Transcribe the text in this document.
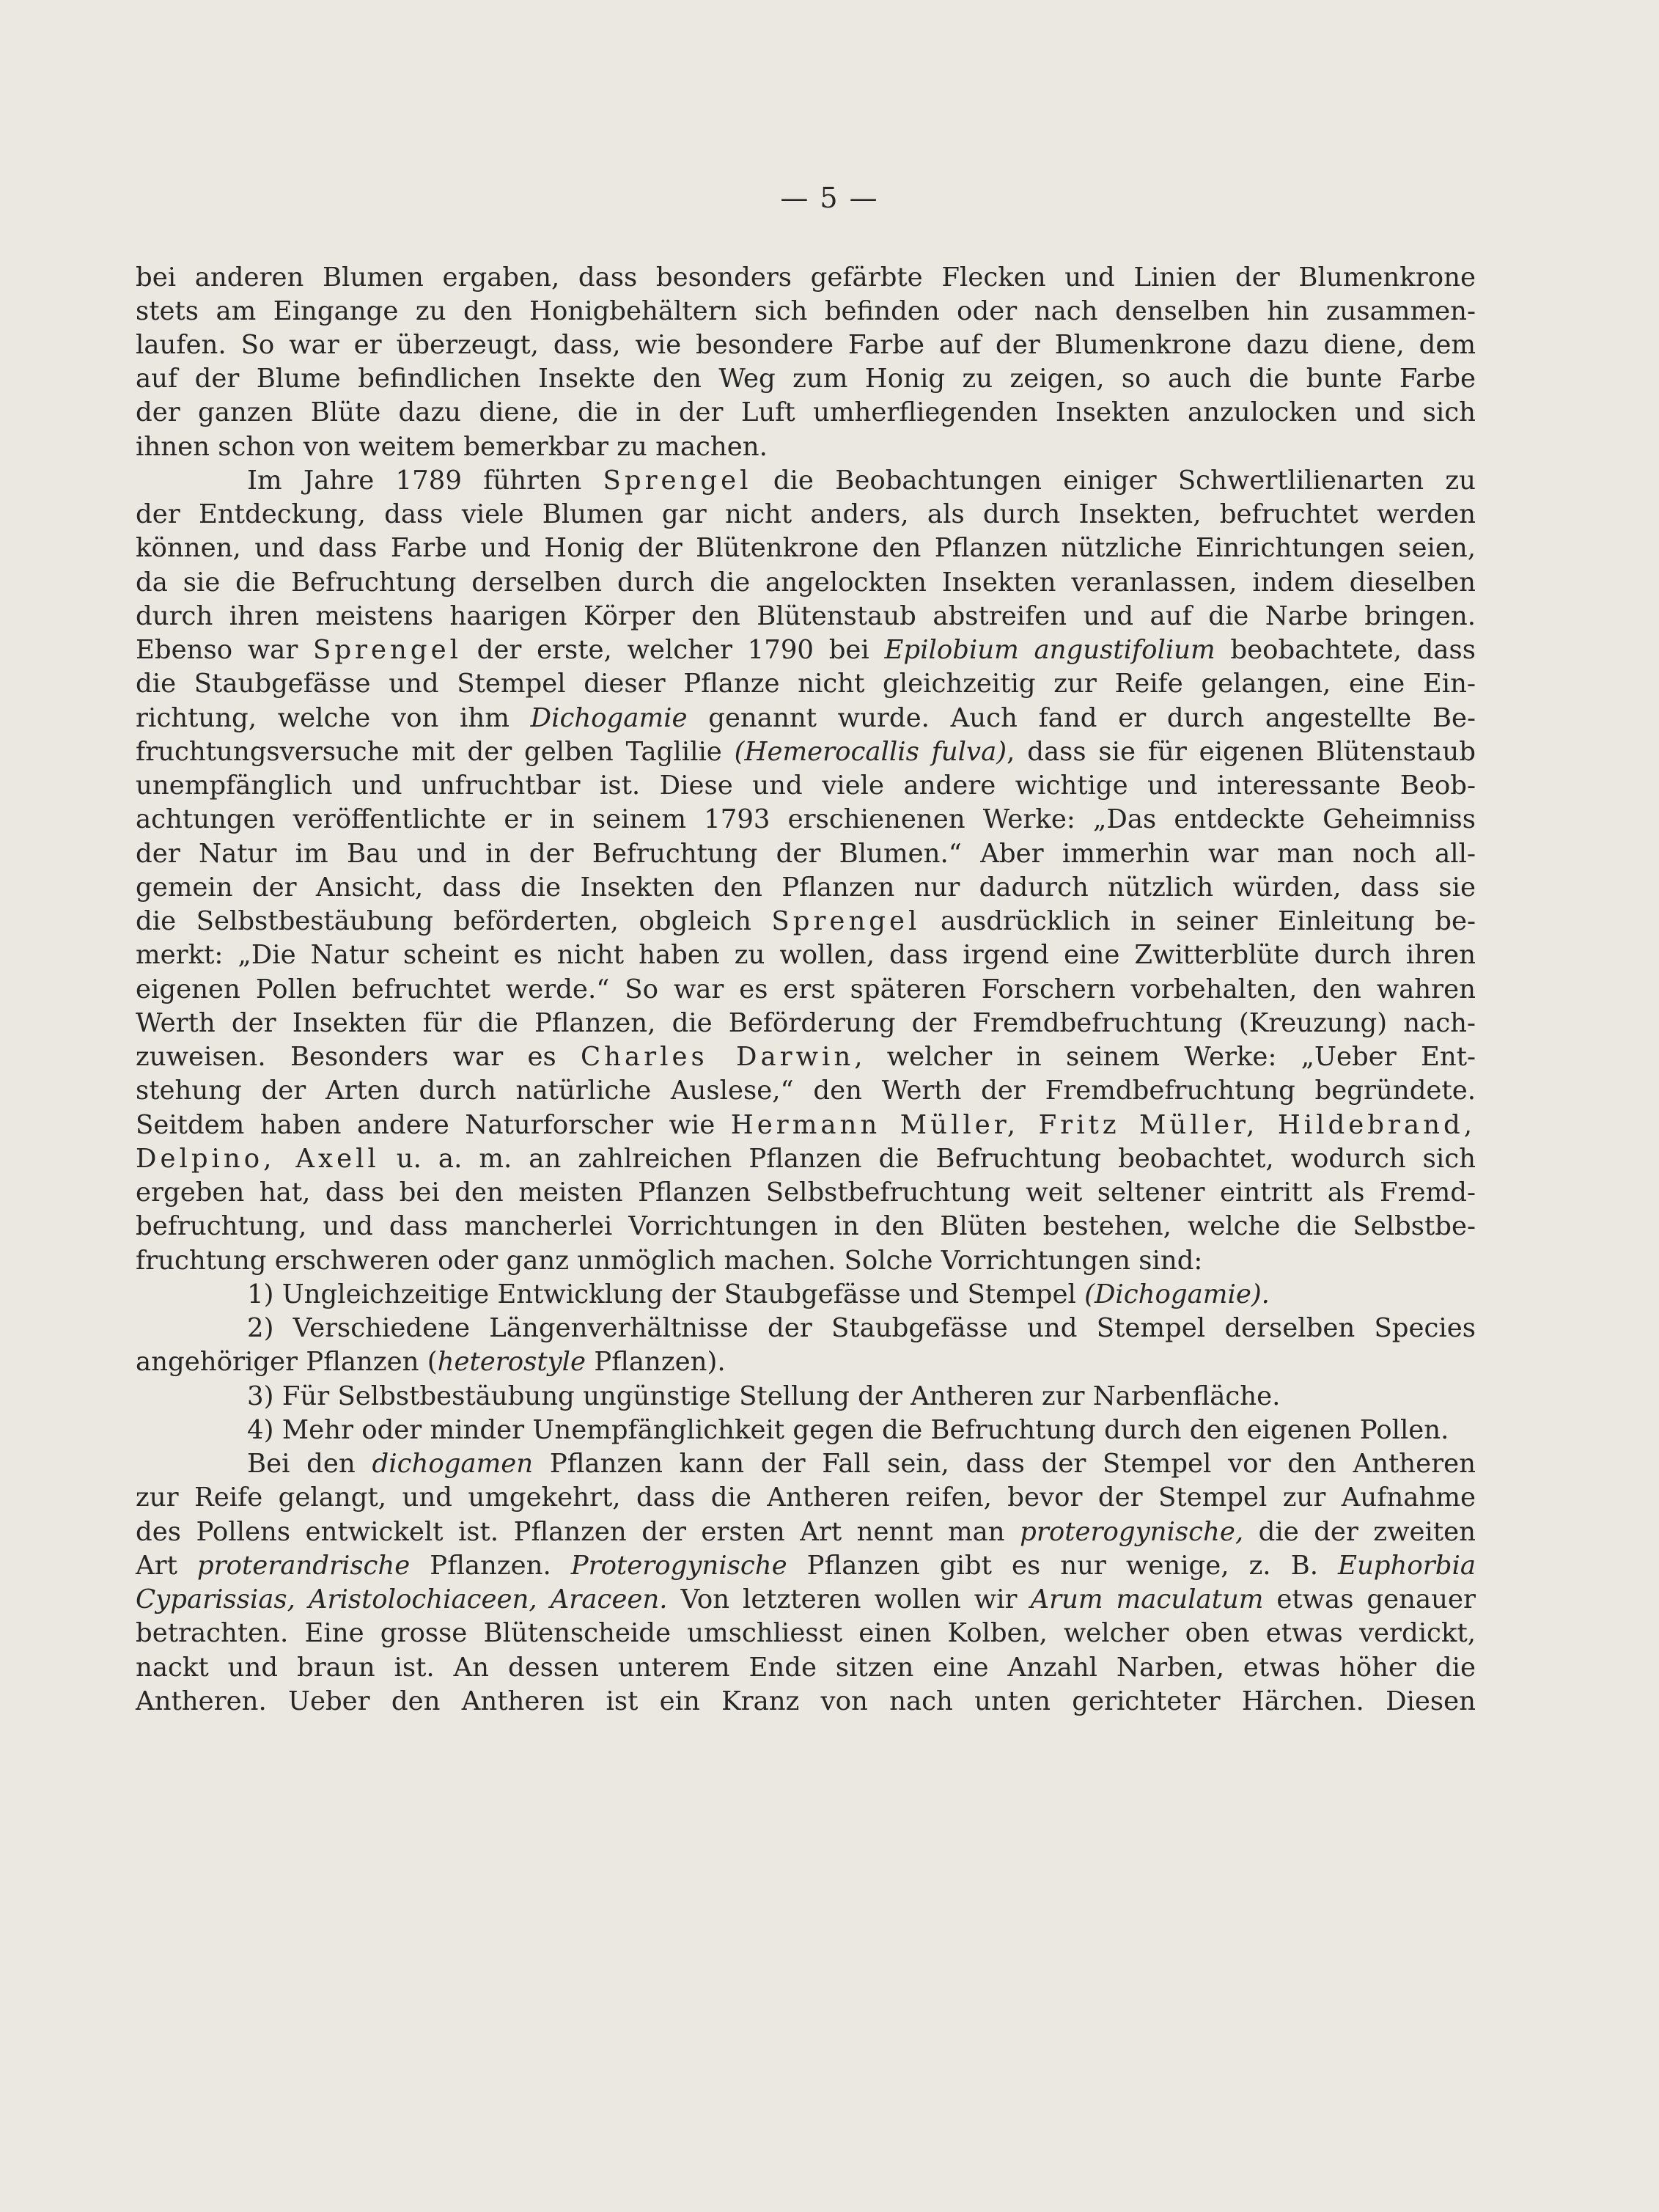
— 5 —
bei anderen Blumen ergaben, dass besonders gefärbte Flecken und Linien der Blumenkrone
stets am Eingange zu den Honigbehältern sich befinden oder nach denselben hin zusammen-
laufen. So war er überzeugt, dass, wie besondere Farbe auf der Blumenkrone dazu diene, dem
auf der Blume befindlichen Insekte den Weg zum Honig zu zeigen, so auch die bunte Farbe
der ganzen Blüte dazu diene, die in der Luft umherfliegenden Insekten anzulocken und sich
ihnen schon von weitem bemerkbar zu machen.
Im Jahre 1789 führten Sprengel die Beobachtungen einiger Schwertlilienarten zu
der Entdeckung, dass viele Blumen gar nicht anders, als durch Insekten, befruchtet werden
können, und dass Farbe und Honig der Blütenkrone den Pflanzen nützliche Einrichtungen seien,
da sie die Befruchtung derselben durch die angelockten Insekten veranlassen, indem dieselben
durch ihren meistens haarigen Körper den Blütenstaub abstreifen und auf die Narbe bringen.
Ebenso war Sprengel der erste, welcher 1790 bei Epilobium angustifolium beobachtete, dass
die Staubgefässe und Stempel dieser Pflanze nicht gleichzeitig zur Reife gelangen, eine Ein-
richtung, welche von ihm Dichogamie genannt wurde. Auch fand er durch angestellte Be-
fruchtungsversuche mit der gelben Taglilie (Hemerocallis fulva), dass sie für eigenen Blütenstaub
unempfänglich und unfruchtbar ist. Diese und viele andere wichtige und interessante Beob-
achtungen veröffentlichte er in seinem 1793 erschienenen Werke: „Das entdeckte Geheimniss
der Natur im Bau und in der Befruchtung der Blumen.“ Aber immerhin war man noch all-
gemein der Ansicht, dass die Insekten den Pflanzen nur dadurch nützlich würden, dass sie
die Selbstbestäubung beförderten, obgleich Sprengel ausdrücklich in seiner Einleitung be-
merkt: „Die Natur scheint es nicht haben zu wollen, dass irgend eine Zwitterblüte durch ihren
eigenen Pollen befruchtet werde.“ So war es erst späteren Forschern vorbehalten, den wahren
Werth der Insekten für die Pflanzen, die Beförderung der Fremdbefruchtung (Kreuzung) nach-
zuweisen. Besonders war es Charles Darwin, welcher in seinem Werke: „Ueber Ent-
stehung der Arten durch natürliche Auslese,“ den Werth der Fremdbefruchtung begründete.
Seitdem haben andere Naturforscher wie Hermann Müller, Fritz Müller, Hildebrand,
Delpino, Axell u. a. m. an zahlreichen Pflanzen die Befruchtung beobachtet, wodurch sich
ergeben hat, dass bei den meisten Pflanzen Selbstbefruchtung weit seltener eintritt als Fremd-
befruchtung, und dass mancherlei Vorrichtungen in den Blüten bestehen, welche die Selbstbe-
fruchtung erschweren oder ganz unmöglich machen. Solche Vorrichtungen sind:
1) Ungleichzeitige Entwicklung der Staubgefässe und Stempel (Dichogamie).
2) Verschiedene Längenverhältnisse der Staubgefässe und Stempel derselben Species
angehöriger Pflanzen (heterostyle Pflanzen).
3) Für Selbstbestäubung ungünstige Stellung der Antheren zur Narbenfläche.
4) Mehr oder minder Unempfänglichkeit gegen die Befruchtung durch den eigenen Pollen.
Bei den dichogamen Pflanzen kann der Fall sein, dass der Stempel vor den Antheren
zur Reife gelangt, und umgekehrt, dass die Antheren reifen, bevor der Stempel zur Aufnahme
des Pollens entwickelt ist. Pflanzen der ersten Art nennt man proterogynische, die der zweiten
Art proterandrische Pflanzen. Proterogynische Pflanzen gibt es nur wenige, z. B. Euphorbia
Cyparissias, Aristolochiaceen, Araceen. Von letzteren wollen wir Arum maculatum etwas genauer
betrachten. Eine grosse Blütenscheide umschliesst einen Kolben, welcher oben etwas verdickt,
nackt und braun ist. An dessen unterem Ende sitzen eine Anzahl Narben, etwas höher die
Antheren. Ueber den Antheren ist ein Kranz von nach unten gerichteter Härchen. Diesen
